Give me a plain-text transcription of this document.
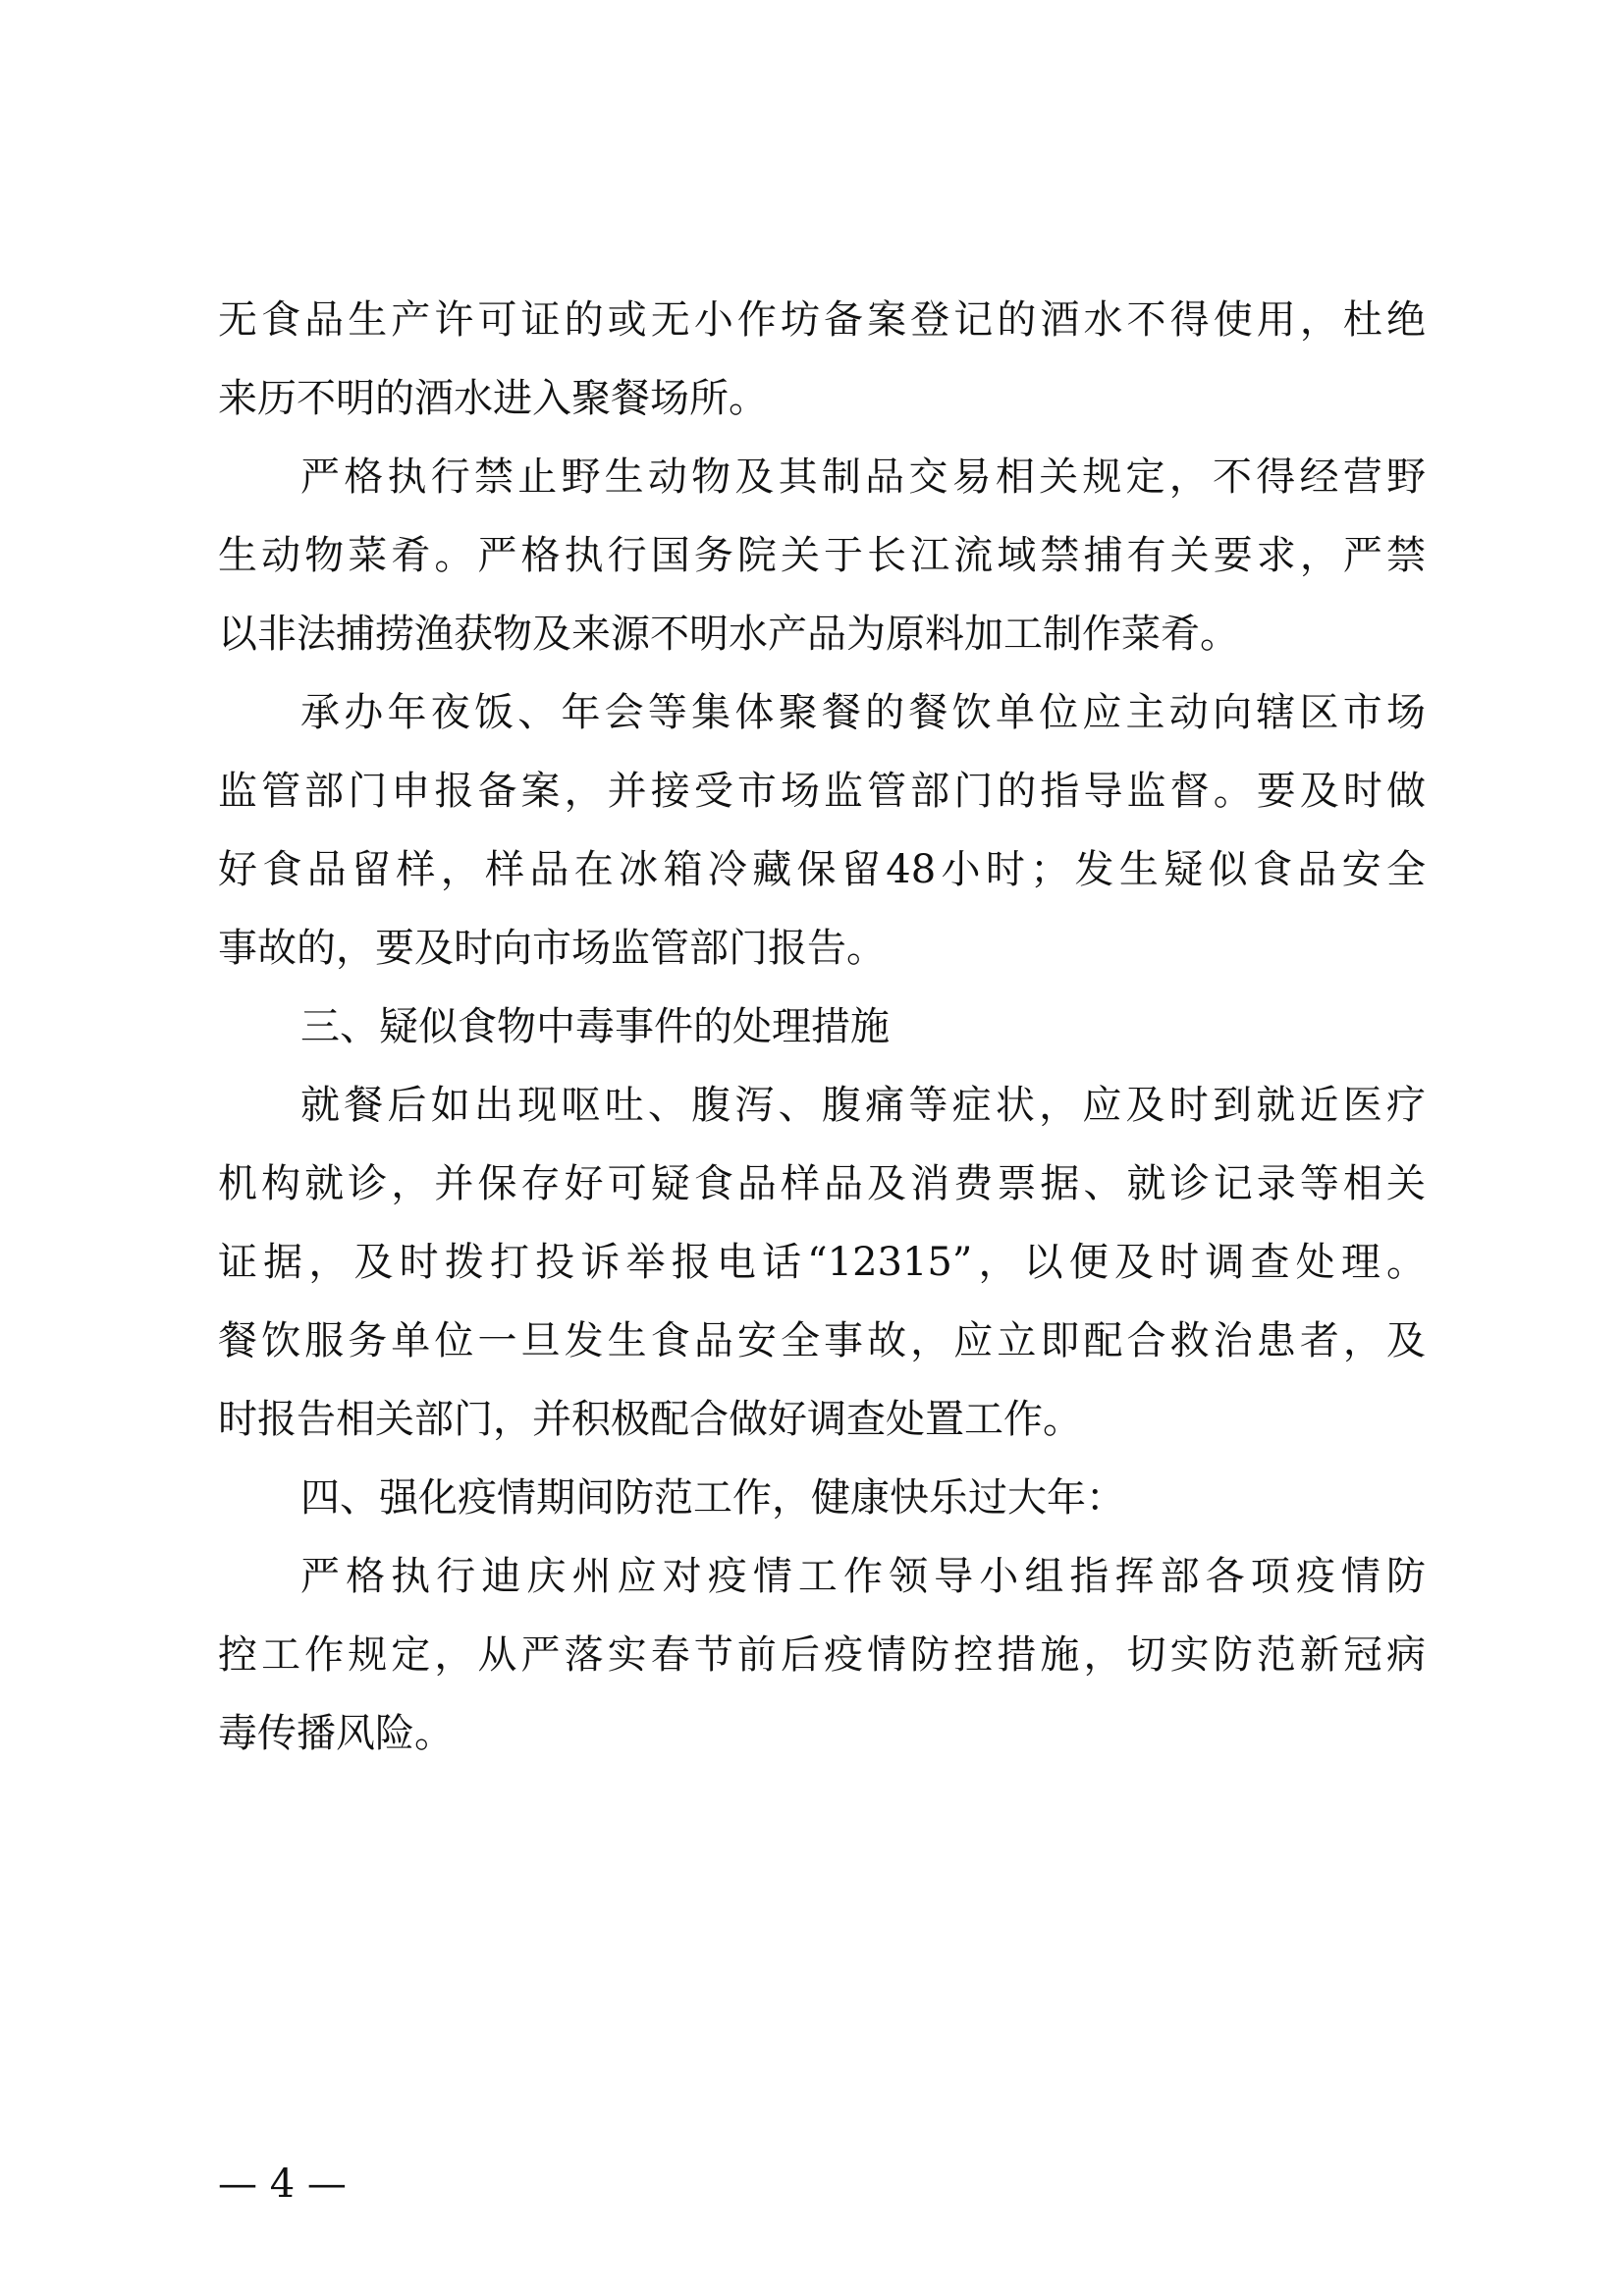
无食品生产许可证的或无小作坊备案登记的酒水不得使用，杜绝
来历不明的酒水进入聚餐场所。
严格执行禁止野生动物及其制品交易相关规定，不得经营野
生动物菜肴。严格执行国务院关于长江流域禁捕有关要求，严禁
以非法捕捞渔获物及来源不明水产品为原料加工制作菜肴。
承办年夜饭、年会等集体聚餐的餐饮单位应主动向辖区市场
监管部门申报备案，并接受市场监管部门的指导监督。要及时做
好食品留样，样品在冰箱冷藏保留48小时；发生疑似食品安全
事故的，要及时向市场监管部门报告。
三、疑似食物中毒事件的处理措施
就餐后如出现呕吐、腹泻、腹痛等症状，应及时到就近医疗
机构就诊，并保存好可疑食品样品及消费票据、就诊记录等相关
证据，及时拨打投诉举报电话“12315”，以便及时调查处理。
餐饮服务单位一旦发生食品安全事故，应立即配合救治患者，及
时报告相关部门，并积极配合做好调查处置工作。
四、强化疫情期间防范工作，健康快乐过大年：
严格执行迪庆州应对疫情工作领导小组指挥部各项疫情防
控工作规定，从严落实春节前后疫情防控措施，切实防范新冠病
毒传播风险。
— 4 —
